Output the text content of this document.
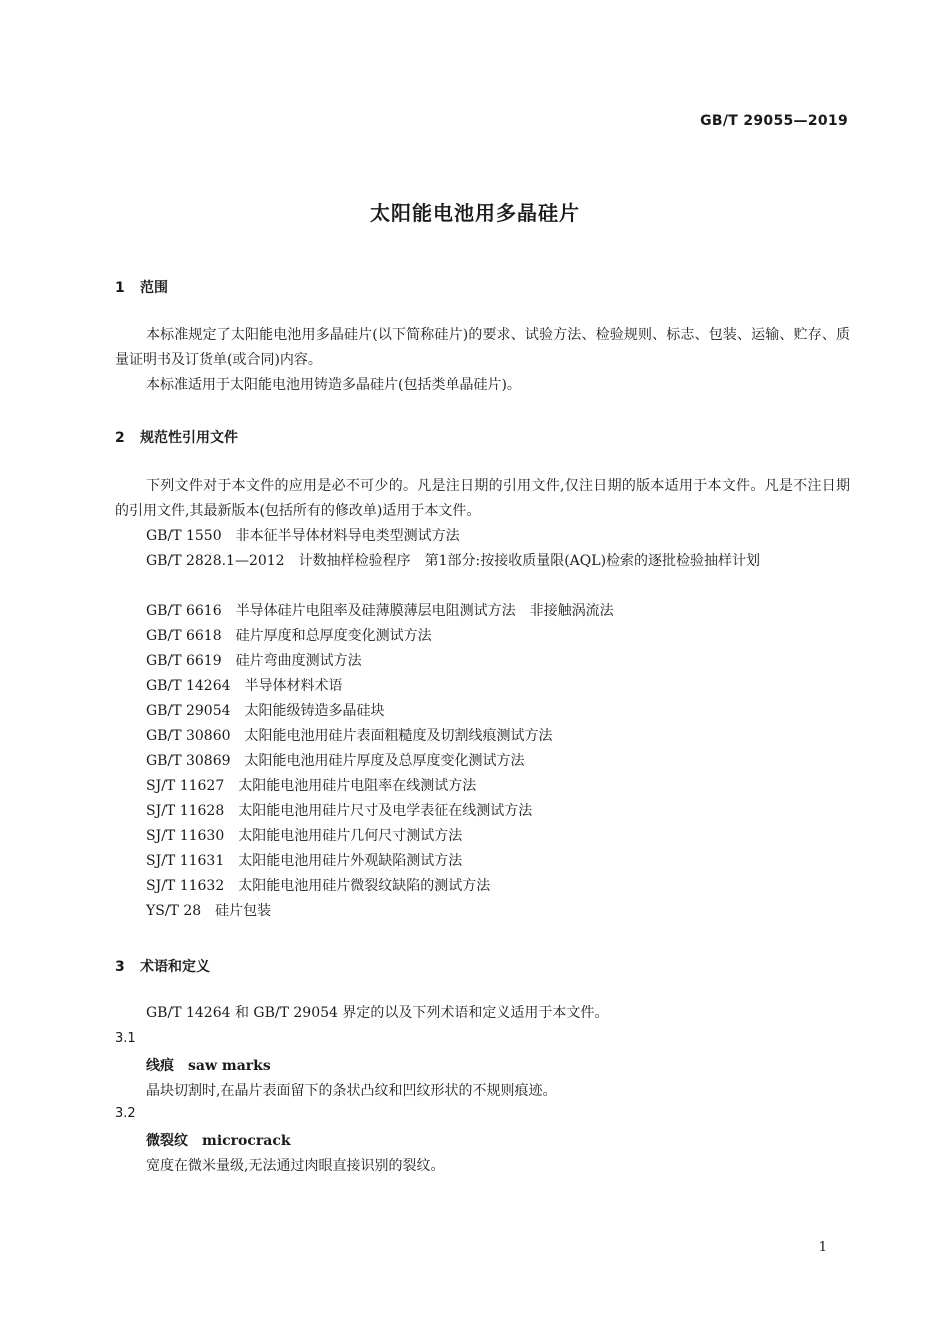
GB/T 29055—2019
太阳能电池用多晶硅片
1 范围
本标准规定了太阳能电池用多晶硅片(以下简称硅片)的要求、试验方法、检验规则、标志、包装、运输、贮存、质量证明书及订货单(或合同)内容。
本标准适用于太阳能电池用铸造多晶硅片(包括类单晶硅片)。
2 规范性引用文件
下列文件对于本文件的应用是必不可少的。凡是注日期的引用文件,仅注日期的版本适用于本文件。凡是不注日期的引用文件,其最新版本(包括所有的修改单)适用于本文件。
GB/T 1550 非本征半导体材料导电类型测试方法
GB/T 2828.1—2012 计数抽样检验程序　第1部分:按接收质量限(AQL)检索的逐批检验抽样计划
GB/T 6616 半导体硅片电阻率及硅薄膜薄层电阻测试方法　非接触涡流法
GB/T 6618 硅片厚度和总厚度变化测试方法
GB/T 6619 硅片弯曲度测试方法
GB/T 14264 半导体材料术语
GB/T 29054 太阳能级铸造多晶硅块
GB/T 30860 太阳能电池用硅片表面粗糙度及切割线痕测试方法
GB/T 30869 太阳能电池用硅片厚度及总厚度变化测试方法
SJ/T 11627 太阳能电池用硅片电阻率在线测试方法
SJ/T 11628 太阳能电池用硅片尺寸及电学表征在线测试方法
SJ/T 11630 太阳能电池用硅片几何尺寸测试方法
SJ/T 11631 太阳能电池用硅片外观缺陷测试方法
SJ/T 11632 太阳能电池用硅片微裂纹缺陷的测试方法
YS/T 28 硅片包装
3 术语和定义
GB/T 14264 和 GB/T 29054 界定的以及下列术语和定义适用于本文件。
3.1
线痕 saw marks
晶块切割时,在晶片表面留下的条状凸纹和凹纹形状的不规则痕迹。
3.2
微裂纹 microcrack
宽度在微米量级,无法通过肉眼直接识别的裂纹。
1
